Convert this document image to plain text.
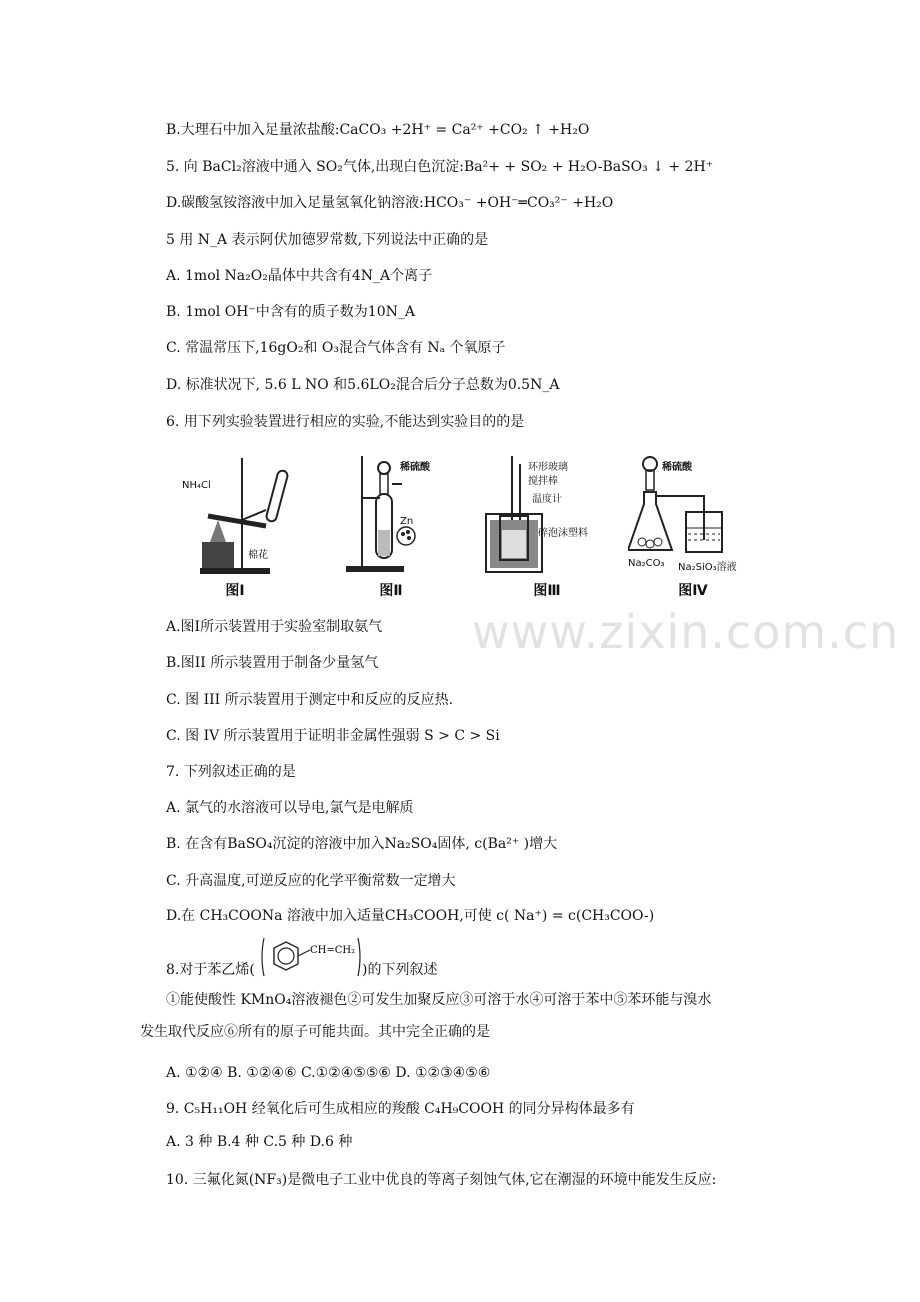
www.zixin.com.cn
B.大理石中加入足量浓盐酸:CaCO₃ +2H⁺ = Ca²⁺ +CO₂ ↑ +H₂O
5. 向 BaCl₂溶液中通入 SO₂气体,出现白色沉淀:Ba²+ + SO₂ + H₂O-BaSO₃ ↓ + 2H⁺
D.碳酸氢铵溶液中加入足量氢氧化钠溶液:HCO₃⁻ +OH⁻═CO₃²⁻ +H₂O
5 用 N_A 表示阿伏加德罗常数,下列说法中正确的是
A. 1mol Na₂O₂晶体中共含有4N_A个离子
B. 1mol OH⁻中含有的质子数为10N_A
C. 常温常压下,16gO₂和 O₃混合气体含有 Nₐ 个氧原子
D. 标准状况下, 5.6 L NO 和5.6LO₂混合后分子总数为0.5N_A
6. 用下列实验装置进行相应的实验,不能达到实验目的的是
NH₄Cl
棉花
图Ⅰ
稀硫酸
Zn
图Ⅱ
环形玻璃
搅拌棒
温度计
碎泡沫塑料
图Ⅲ
稀硫酸
Na₂CO₃ Na₂SiO₃溶液
图Ⅳ
A.图Ⅰ所示装置用于实验室制取氨气
B.图II 所示装置用于制备少量氢气
C. 图 III 所示装置用于测定中和反应的反应热.
C. 图 IV 所示装置用于证明非金属性强弱 S > C > Si
7. 下列叙述正确的是
A. 氯气的水溶液可以导电,氯气是电解质
B. 在含有BaSO₄沉淀的溶液中加入Na₂SO₄固体, c(Ba²⁺ )增大
C. 升高温度,可逆反应的化学平衡常数一定增大
D.在 CH₃COONa 溶液中加入适量CH₃COOH,可使 c( Na⁺) = c(CH₃COO-)
8.对于苯乙烯(
CH=CH₂
)的下列叙述
①能使酸性 KMnO₄溶液褪色②可发生加聚反应③可溶于水④可溶于苯中⑤苯环能与溴水
发生取代反应⑥所有的原子可能共面。其中完全正确的是
A. ①②④ B. ①②④⑥ C.①②④⑤⑤⑥ D. ①②③④⑤⑥
9. C₅H₁₁OH 经氧化后可生成相应的羧酸 C₄H₉COOH 的同分异构体最多有
A. 3 种 B.4 种 C.5 种 D.6 种
10. 三氟化氮(NF₃)是微电子工业中优良的等离子刻蚀气体,它在潮湿的环境中能发生反应:
